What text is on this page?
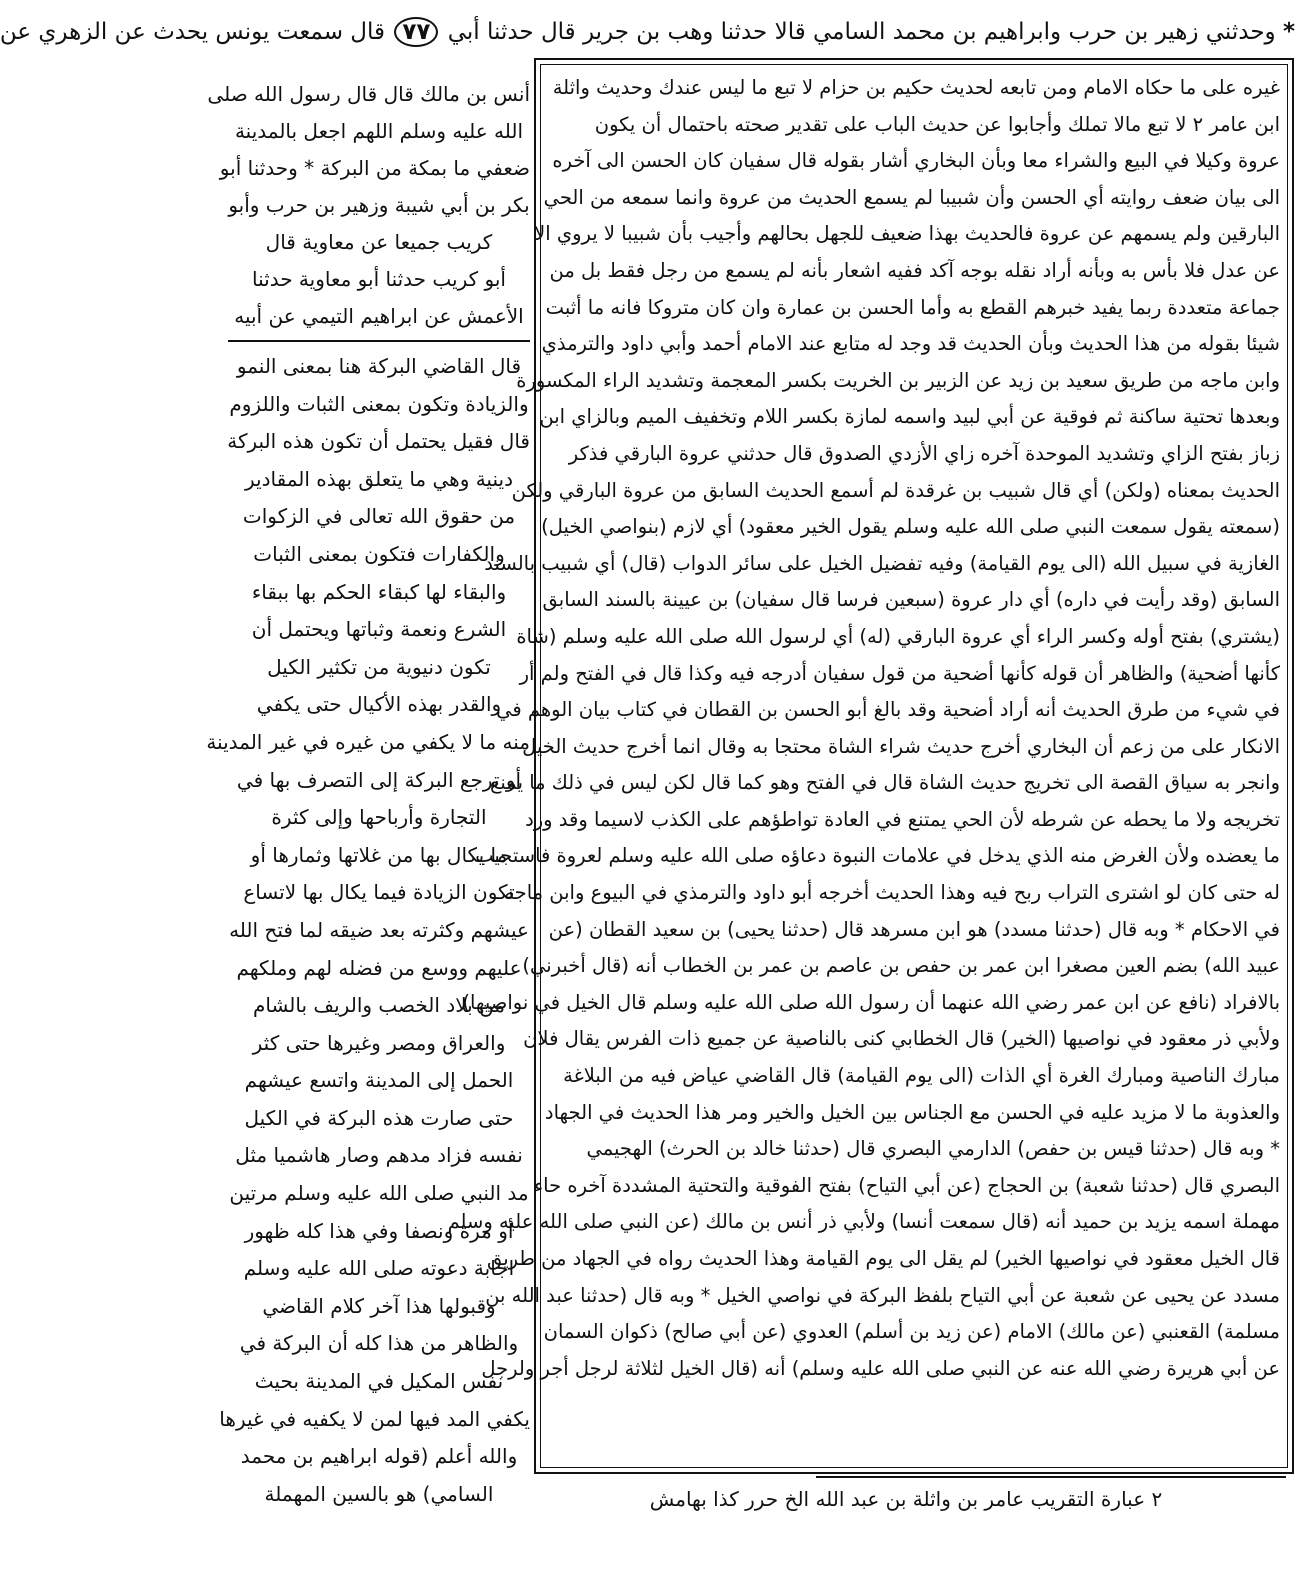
* وحدثني زهير بن حرب وابراهيم بن محمد السامي قالا حدثنا وهب بن جرير قال حدثنا أبي ٧٧ قال سمعت يونس يحدث عن الزهري عن

أنس بن مالك قال قال رسول الله صلى

الله عليه وسلم اللهم اجعل بالمدينة

ضعفي ما بمكة من البركة * وحدثنا أبو

بكر بن أبي شيبة وزهير بن حرب وأبو

كريب جميعا عن معاوية قال

أبو كريب حدثنا أبو معاوية حدثنا

الأعمش عن ابراهيم التيمي عن أبيه

قال القاضي البركة هنا بمعنى النمو

والزيادة وتكون بمعنى الثبات واللزوم

قال فقيل يحتمل أن تكون هذه البركة

دينية وهي ما يتعلق بهذه المقادير

من حقوق الله تعالى في الزكوات

والكفارات فتكون بمعنى الثبات

والبقاء لها كبقاء الحكم بها ببقاء

الشرع ونعمة وثباتها ويحتمل أن

تكون دنيوية من تكثير الكيل

والقدر بهذه الأكيال حتى يكفي

منه ما لا يكفي من غيره في غير المدينة

أو ترجع البركة إلى التصرف بها في

التجارة وأرباحها وإلى كثرة

ما يكال بها من غلاتها وثمارها أو

تكون الزيادة فيما يكال بها لاتساع

عيشهم وكثرته بعد ضيقه لما فتح الله

عليهم ووسع من فضله لهم وملكهم

من بلاد الخصب والريف بالشام

والعراق ومصر وغيرها حتى كثر

الحمل إلى المدينة واتسع عيشهم

حتى صارت هذه البركة في الكيل

نفسه فزاد مدهم وصار هاشميا مثل

مد النبي صلى الله عليه وسلم مرتين

أو مرة ونصفا وفي هذا كله ظهور

اجابة دعوته صلى الله عليه وسلم

وقبولها هذا آخر كلام القاضي

والظاهر من هذا كله أن البركة في

نفس المكيل في المدينة بحيث

يكفي المد فيها لمن لا يكفيه في غيرها

والله أعلم (قوله ابراهيم بن محمد

السامي) هو بالسين المهملة

غيره على ما حكاه الامام ومن تابعه لحديث حكيم بن حزام لا تبع ما ليس عندك وحديث واثلة

ابن عامر ٢ لا تبع مالا تملك وأجابوا عن حديث الباب على تقدير صحته باحتمال أن يكون

عروة وكيلا في البيع والشراء معا وبأن البخاري أشار بقوله قال سفيان كان الحسن الى آخره

الى بيان ضعف روايته أي الحسن وأن شبيبا لم يسمع الحديث من عروة وانما سمعه من الحي

البارقين ولم يسمهم عن عروة فالحديث بهذا ضعيف للجهل بحالهم وأجيب بأن شبيبا لا يروي الا

عن عدل فلا بأس به وبأنه أراد نقله بوجه آكد ففيه اشعار بأنه لم يسمع من رجل فقط بل من

جماعة متعددة ربما يفيد خبرهم القطع به وأما الحسن بن عمارة وان كان متروكا فانه ما أثبت

شيئا بقوله من هذا الحديث وبأن الحديث قد وجد له متابع عند الامام أحمد وأبي داود والترمذي

وابن ماجه من طريق سعيد بن زيد عن الزبير بن الخريت بكسر المعجمة وتشديد الراء المكسورة

وبعدها تحتية ساكنة ثم فوقية عن أبي لبيد واسمه لمازة بكسر اللام وتخفيف الميم وبالزاي ابن

زباز بفتح الزاي وتشديد الموحدة آخره زاي الأزدي الصدوق قال حدثني عروة البارقي فذكر

الحديث بمعناه (ولكن) أي قال شبيب بن غرقدة لم أسمع الحديث السابق من عروة البارقي ولكن

(سمعته يقول سمعت النبي صلى الله عليه وسلم يقول الخير معقود) أي لازم (بنواصي الخيل)

الغازية في سبيل الله (الى يوم القيامة) وفيه تفضيل الخيل على سائر الدواب (قال) أي شبيب بالسند

السابق (وقد رأيت في داره) أي دار عروة (سبعين فرسا قال سفيان) بن عيينة بالسند السابق

(يشتري) بفتح أوله وكسر الراء أي عروة البارقي (له) أي لرسول الله صلى الله عليه وسلم (شاة

كأنها أضحية) والظاهر أن قوله كأنها أضحية من قول سفيان أدرجه فيه وكذا قال في الفتح ولم أر

في شيء من طرق الحديث أنه أراد أضحية وقد بالغ أبو الحسن بن القطان في كتاب بيان الوهم في

الانكار على من زعم أن البخاري أخرج حديث شراء الشاة محتجا به وقال انما أخرج حديث الخيل

وانجر به سياق القصة الى تخريج حديث الشاة قال في الفتح وهو كما قال لكن ليس في ذلك ما يمنع

تخريجه ولا ما يحطه عن شرطه لأن الحي يمتنع في العادة تواطؤهم على الكذب لاسيما وقد ورد

ما يعضده ولأن الغرض منه الذي يدخل في علامات النبوة دعاؤه صلى الله عليه وسلم لعروة فاستجيب

له حتى كان لو اشترى التراب ربح فيه وهذا الحديث أخرجه أبو داود والترمذي في البيوع وابن ماجه

في الاحكام * وبه قال (حدثنا مسدد) هو ابن مسرهد قال (حدثنا يحيى) بن سعيد القطان (عن

عبيد الله) بضم العين مصغرا ابن عمر بن حفص بن عاصم بن عمر بن الخطاب أنه (قال أخبرني)

بالافراد (نافع عن ابن عمر رضي الله عنهما أن رسول الله صلى الله عليه وسلم قال الخيل في نواصيها)

ولأبي ذر معقود في نواصيها (الخير) قال الخطابي كنى بالناصية عن جميع ذات الفرس يقال فلان

مبارك الناصية ومبارك الغرة أي الذات (الى يوم القيامة) قال القاضي عياض فيه من البلاغة

والعذوبة ما لا مزيد عليه في الحسن مع الجناس بين الخيل والخير ومر هذا الحديث في الجهاد

* وبه قال (حدثنا قيس بن حفص) الدارمي البصري قال (حدثنا خالد بن الحرث) الهجيمي

البصري قال (حدثنا شعبة) بن الحجاج (عن أبي التياح) بفتح الفوقية والتحتية المشددة آخره حاء

مهملة اسمه يزيد بن حميد أنه (قال سمعت أنسا) ولأبي ذر أنس بن مالك (عن النبي صلى الله عليه وسلم

قال الخيل معقود في نواصيها الخير) لم يقل الى يوم القيامة وهذا الحديث رواه في الجهاد من طريق

مسدد عن يحيى عن شعبة عن أبي التياح بلفظ البركة في نواصي الخيل * وبه قال (حدثنا عبد الله بن

مسلمة) القعنبي (عن مالك) الامام (عن زيد بن أسلم) العدوي (عن أبي صالح) ذكوان السمان

عن أبي هريرة رضي الله عنه عن النبي صلى الله عليه وسلم) أنه (قال الخيل لثلاثة لرجل أجر ولرجل

٢ عبارة التقريب عامر بن واثلة بن عبد الله الخ حرر كذا بهامش
